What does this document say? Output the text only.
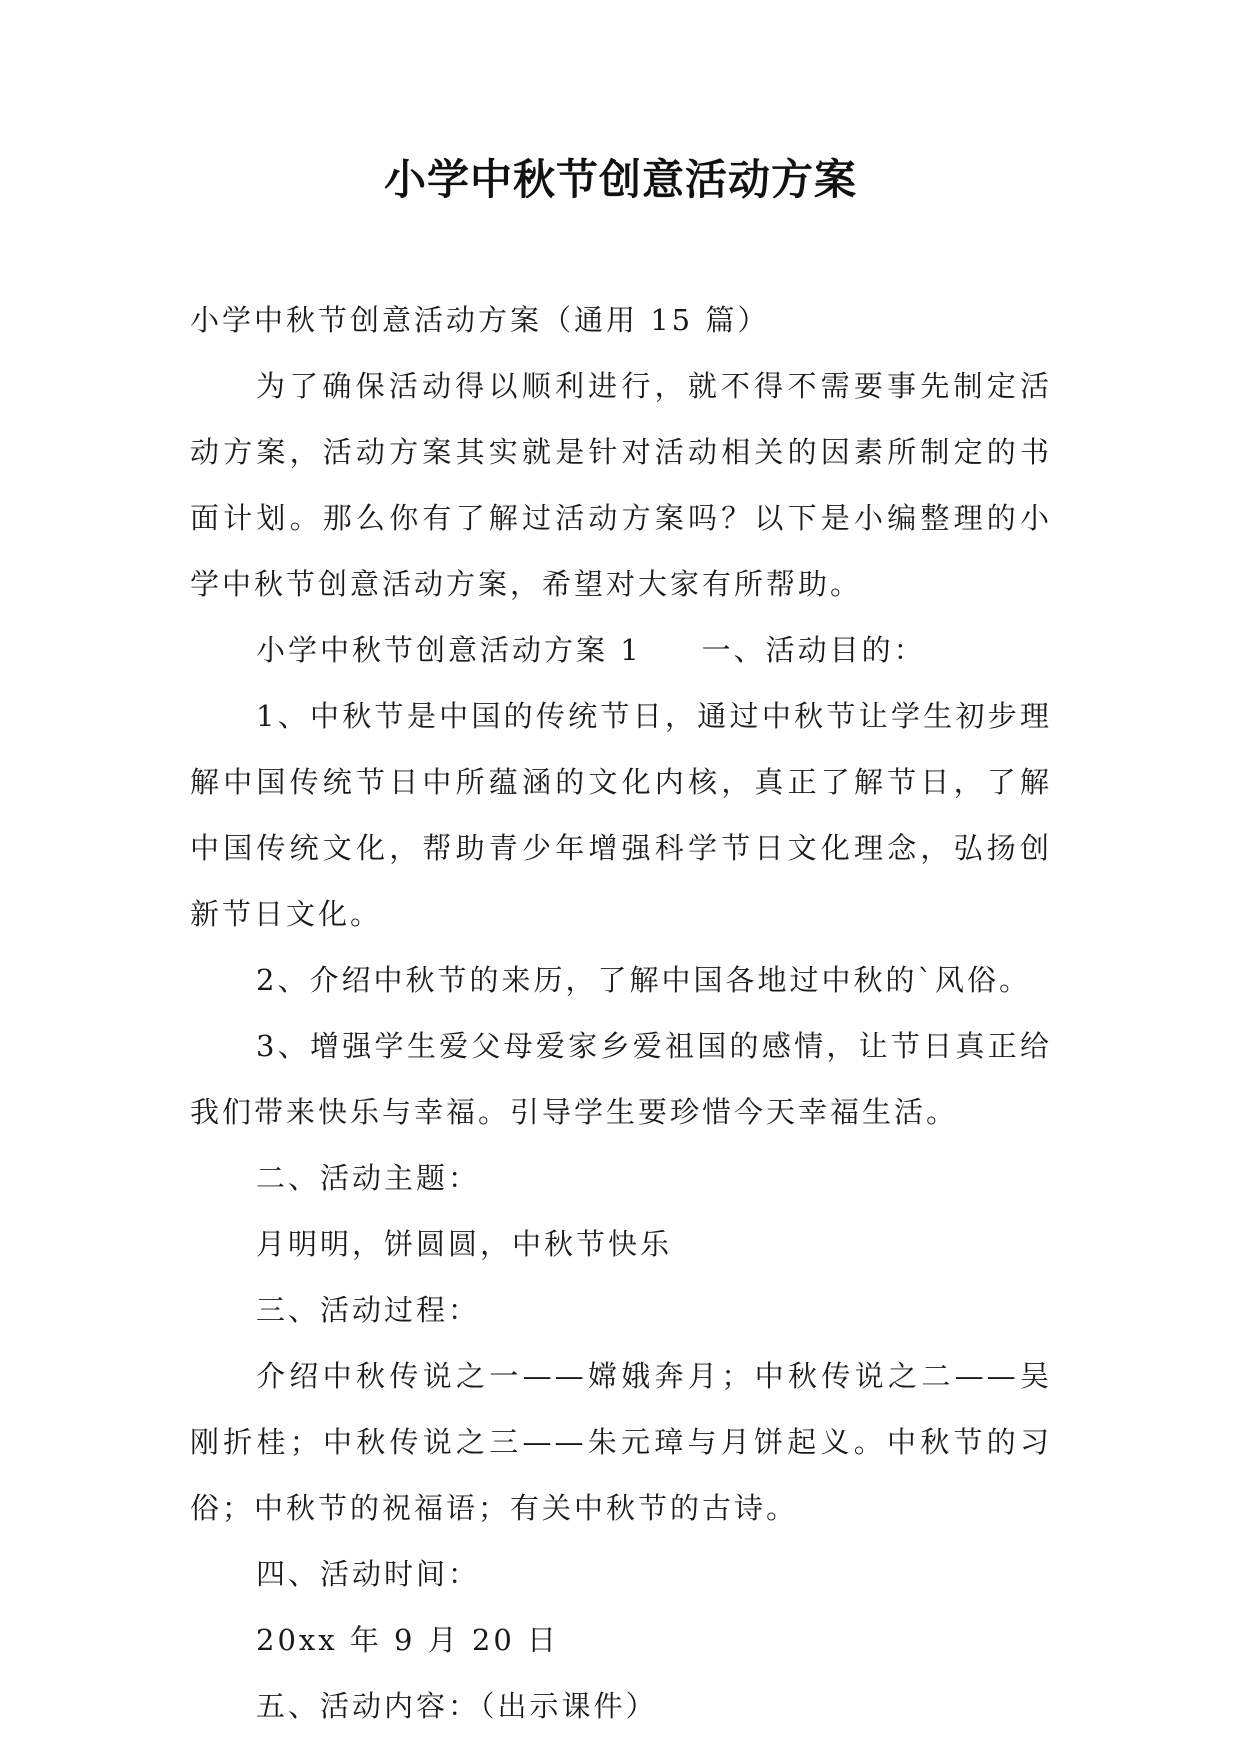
小学中秋节创意活动方案

小学中秋节创意活动方案（通用 15 篇）

为了确保活动得以顺利进行，就不得不需要事先制定活动方案，活动方案其实就是针对活动相关的因素所制定的书面计划。那么你有了解过活动方案吗？以下是小编整理的小学中秋节创意活动方案，希望对大家有所帮助。

小学中秋节创意活动方案 1 一、活动目的：

1、中秋节是中国的传统节日，通过中秋节让学生初步理解中国传统节日中所蕴涵的文化内核，真正了解节日，了解中国传统文化，帮助青少年增强科学节日文化理念，弘扬创新节日文化。

2、介绍中秋节的来历，了解中国各地过中秋的`风俗。

3、增强学生爱父母爱家乡爱祖国的感情，让节日真正给我们带来快乐与幸福。引导学生要珍惜今天幸福生活。

二、活动主题：

月明明，饼圆圆，中秋节快乐

三、活动过程：

介绍中秋传说之一——嫦娥奔月；中秋传说之二——吴刚折桂；中秋传说之三——朱元璋与月饼起义。中秋节的习俗；中秋节的祝福语；有关中秋节的古诗。

四、活动时间：

20xx 年 9 月 20 日

五、活动内容：（出示课件）
